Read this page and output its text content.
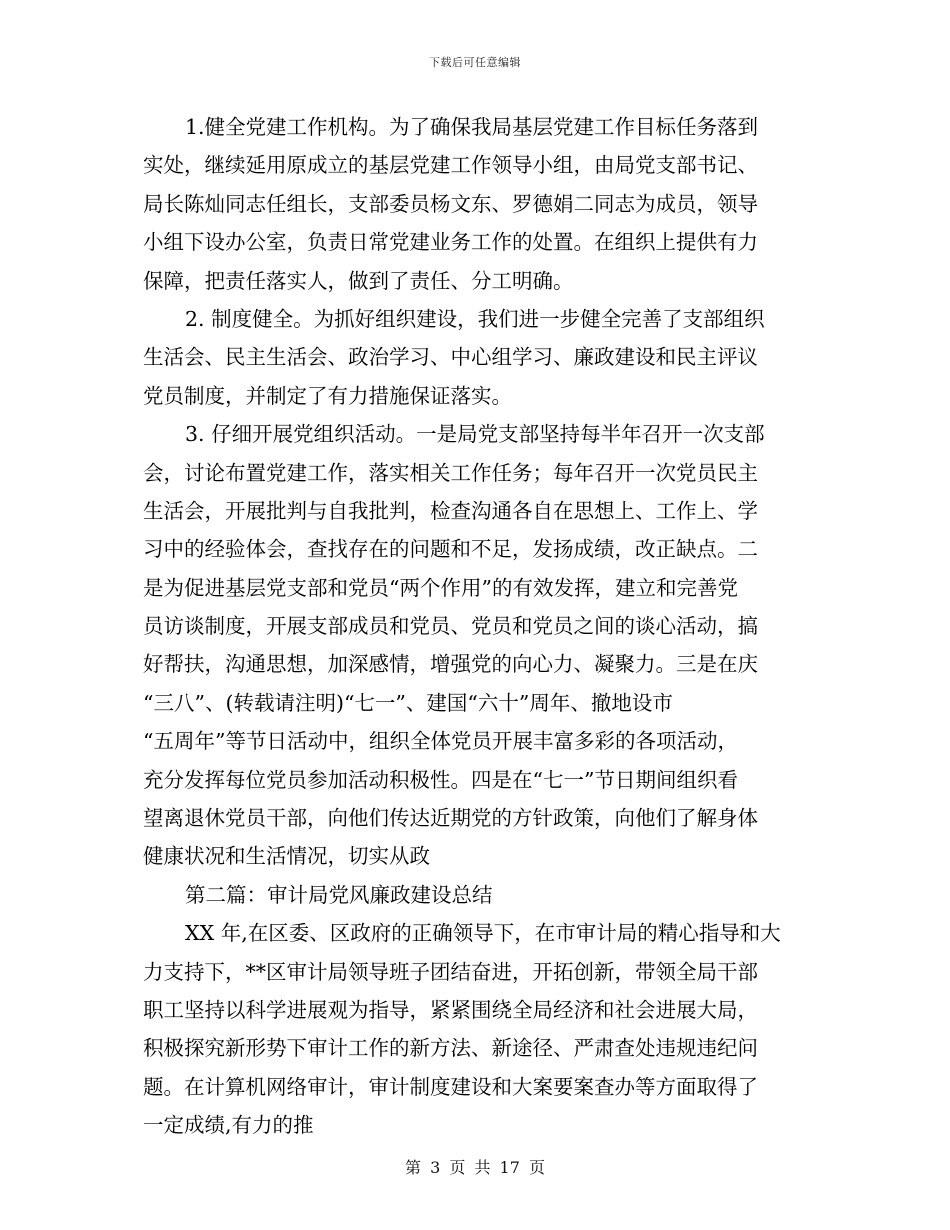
下载后可任意编辑
1.健全党建工作机构。为了确保我局基层党建工作目标任务落到
实处，继续延用原成立的基层党建工作领导小组，由局党支部书记、
局长陈灿同志任组长，支部委员杨文东、罗德娟二同志为成员，领导
小组下设办公室，负责日常党建业务工作的处置。在组织上提供有力
保障，把责任落实人，做到了责任、分工明确。
2. 制度健全。为抓好组织建设，我们进一步健全完善了支部组织
生活会、民主生活会、政治学习、中心组学习、廉政建设和民主评议
党员制度，并制定了有力措施保证落实。
3. 仔细开展党组织活动。一是局党支部坚持每半年召开一次支部
会，讨论布置党建工作，落实相关工作任务；每年召开一次党员民主
生活会，开展批判与自我批判，检查沟通各自在思想上、工作上、学
习中的经验体会，查找存在的问题和不足，发扬成绩，改正缺点。二
是为促进基层党支部和党员“两个作用”的有效发挥，建立和完善党
员访谈制度，开展支部成员和党员、党员和党员之间的谈心活动，搞
好帮扶，沟通思想，加深感情，增强党的向心力、凝聚力。三是在庆
“三八”、(转载请注明)“七一”、建国“六十”周年、撤地设市
“五周年”等节日活动中，组织全体党员开展丰富多彩的各项活动，
充分发挥每位党员参加活动积极性。四是在“七一”节日期间组织看
望离退休党员干部，向他们传达近期党的方针政策，向他们了解身体
健康状况和生活情况，切实从政
第二篇：审计局党风廉政建设总结
XX 年,在区委、区政府的正确领导下，在市审计局的精心指导和大
力支持下，**区审计局领导班子团结奋进，开拓创新，带领全局干部
职工坚持以科学进展观为指导，紧紧围绕全局经济和社会进展大局，
积极探究新形势下审计工作的新方法、新途径、严肃查处违规违纪问
题。在计算机网络审计，审计制度建设和大案要案查办等方面取得了
一定成绩,有力的推
第 3 页 共 17 页
